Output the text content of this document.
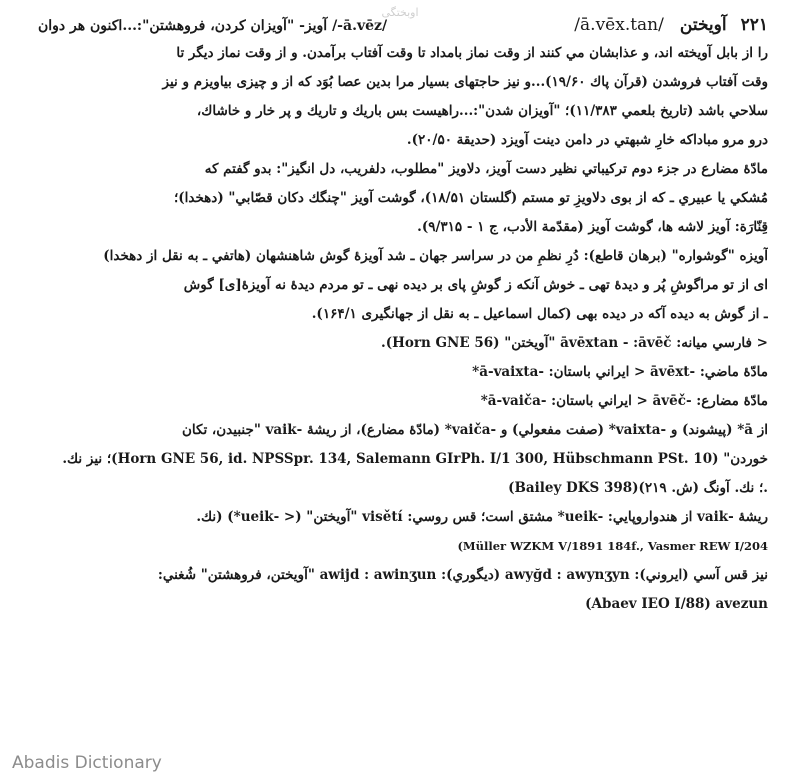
اوبختگی
۲۲۱
آويختن
/ā.vēx.tan/
/ā.vēz-/ آويز- "آويزان كردن، فروهشتن":...اكنون هر دوان
را از بابل آويخته اند، و عذابشان مي كنند از وقت نماز بامداد تا وقت آفتاب برآمدن. و از وقت نماز ديگر تا
وقت آفتاب فروشدن (قرآن پاك ۱۹/۶۰)...و نيز حاجتهاى بسيار مرا بدين عصا بُوَد كه از و چيزى بياويزم و نيز
سلاحي باشد (تاريخ بلعمي ۱۱/۳۸۳)؛ "آويزان شدن":...راهيست بس باريك و تاريك و پر خار و خاشاك،
درو مرو مباداكه خارِ شبهتي در دامن دينت آويزد (حديقة ۲۰/۵۰).
مادّهٔ مضارع در جزء دوم تركيباتي نظير دست آويز، دلاويز "مطلوب، دلفريب، دل انگيز": بدو گفتم كه
مُشكي يا عبيري ـ كه از بوى دلاويزِ تو مستم (گلستان ۱۸/۵۱)، گوشت آويز "چنگك دكان قصّابي" (دهخدا)؛
قِنّارَة: آويز لاشه ها، گوشت آويز (مقدّمة الأدب، ج ۱ - ۹/۳۱۵).
آويزه "گوشواره" (برهان قاطع): دُرِ نظمِ من در سراسر جهان ـ شد آويزهٔ گوش شاهنشهان (هاتفي ـ به نقل از دهخدا)
اى از تو مراگوشِ پُر و ديدهٔ تهى ـ خوش آنكه ز گوشِ پاى بر ديده نهى ـ تو مردم ديدهٔ نه آويزهٔ[ى] گوش
ـ از گوش به ديده آكه در ديده بهى (كمال اسماعيل ـ به نقل از جهانگيرى ۱۶۴/۱).
< فارسي ميانه: āvēxtan - :āvēč "آويختن" (Horn GNE 56).
مادّهٔ ماضي: -āvēxt < ايراني باستان: -ā-vaixta*
مادّهٔ مضارع: -āvēč < ايراني باستان: -ā-vaiča*
از ā* (پيشوند) و -vaixta* (صفت مفعولي) و -vaiča* (مادّهٔ مضارع)، از ريشهٔ -vaik "جنبيدن، تكان
خوردن" (Horn GNE 56, id. NPSSpr. 134, Salemann GIrPh. I/1 300, Hübschmann PSt. 10)؛ نيز نك.
(Bailey DKS 398)؛ نك. آونگ (ش. ۲۱۹).
ريشهٔ -vaik از هندواروپايي: -ueik* مشتق است؛ قس روسي: visětí "آويختن" (< -ueik*) (نك.
(Müller WZKM V/1891 184f., Vasmer REW I/204
نيز قس آسي (ايروني): awyğd : awynʒyn (ديگوري): awijd : awinʒun "آويختن، فروهشتن" شُغني:
(Abaev IEO I/88) avezun
Abadis Dictionary
